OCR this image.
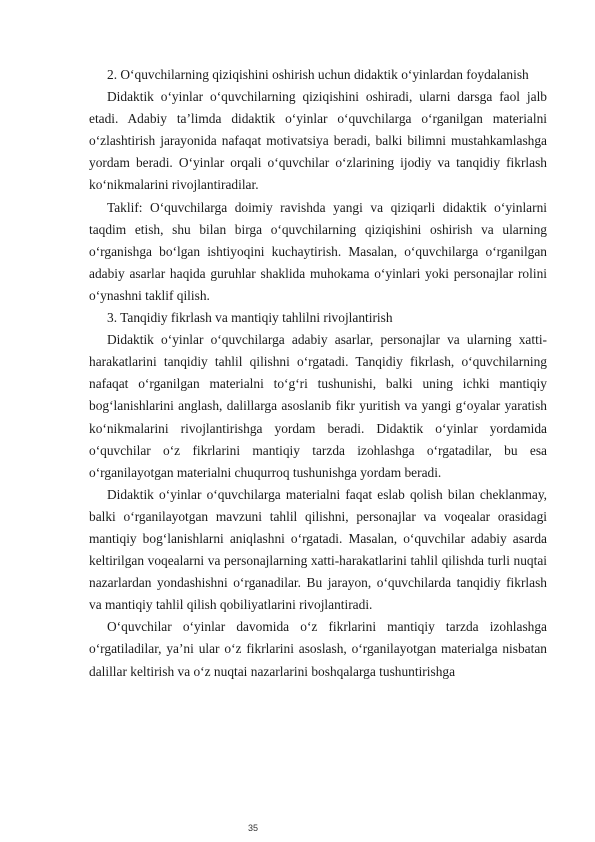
2. O‘quvchilarning qiziqishini oshirish uchun didaktik o‘yinlardan foydalanish

Didaktik o‘yinlar o‘quvchilarning qiziqishini oshiradi, ularni darsga faol jalb etadi. Adabiy ta’limda didaktik o‘yinlar o‘quvchilarga o‘rganilgan materialni o‘zlashtirish jarayonida nafaqat motivatsiya beradi, balki bilimni mustahkamlashga yordam beradi. O‘yinlar orqali o‘quvchilar o‘zlarining ijodiy va tanqidiy fikrlash ko‘nikmalarini rivojlantiradilar.

Taklif: O‘quvchilarga doimiy ravishda yangi va qiziqarli didaktik o‘yinlarni taqdim etish, shu bilan birga o‘quvchilarning qiziqishini oshirish va ularning o‘rganishga bo‘lgan ishtiyoqini kuchaytirish. Masalan, o‘quvchilarga o‘rganilgan adabiy asarlar haqida guruhlar shaklida muhokama o‘yinlari yoki personajlar rolini o‘ynashni taklif qilish.

3. Tanqidiy fikrlash va mantiqiy tahlilni rivojlantirish

Didaktik o‘yinlar o‘quvchilarga adabiy asarlar, personajlar va ularning xatti-harakatlarini tanqidiy tahlil qilishni o‘rgatadi. Tanqidiy fikrlash, o‘quvchilarning nafaqat o‘rganilgan materialni to‘g‘ri tushunishi, balki uning ichki mantiqiy bog‘lanishlarini anglash, dalillarga asoslanib fikr yuritish va yangi g‘oyalar yaratish ko‘nikmalarini rivojlantirishga yordam beradi. Didaktik o‘yinlar yordamida o‘quvchilar o‘z fikrlarini mantiqiy tarzda izohlashga o‘rgatadilar, bu esa o‘rganilayotgan materialni chuqurroq tushunishga yordam beradi.

Didaktik o‘yinlar o‘quvchilarga materialni faqat eslab qolish bilan cheklanmay, balki o‘rganilayotgan mavzuni tahlil qilishni, personajlar va voqealar orasidagi mantiqiy bog‘lanishlarni aniqlashni o‘rgatadi. Masalan, o‘quvchilar adabiy asarda keltirilgan voqealarni va personajlarning xatti-harakatlarini tahlil qilishda turli nuqtai nazarlardan yondashishni o‘rganadilar. Bu jarayon, o‘quvchilarda tanqidiy fikrlash va mantiqiy tahlil qilish qobiliyatlarini rivojlantiradi.

O‘quvchilar o‘yinlar davomida o‘z fikrlarini mantiqiy tarzda izohlashga o‘rgatiladilar, ya’ni ular o‘z fikrlarini asoslash, o‘rganilayotgan materialga nisbatan dalillar keltirish va o‘z nuqtai nazarlarini boshqalarga tushuntirishga

35
